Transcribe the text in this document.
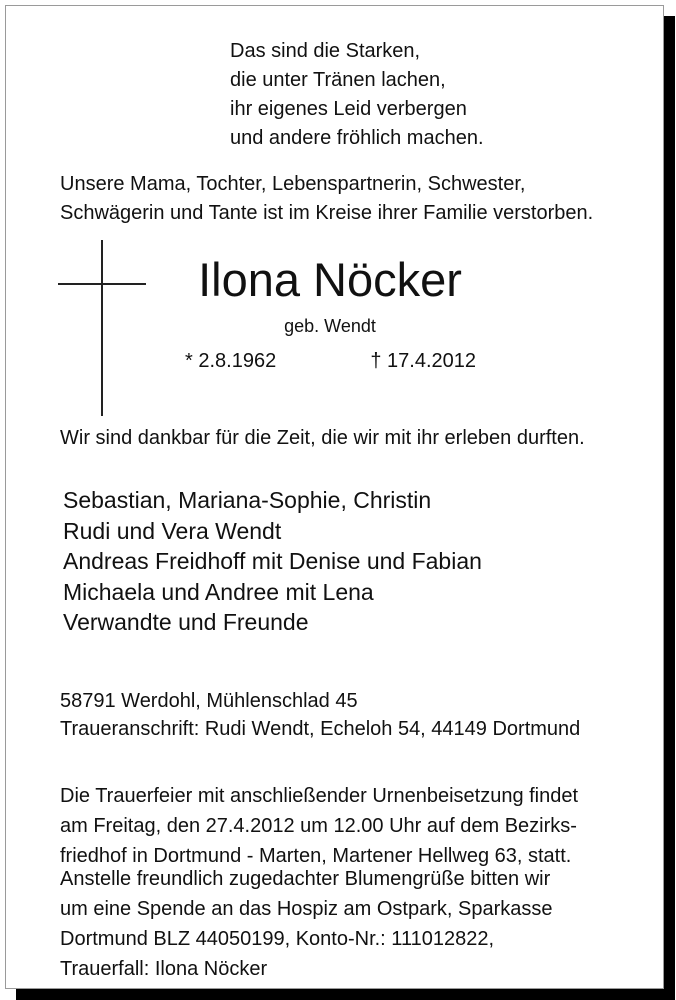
Das sind die Starken,
die unter Tränen lachen,
ihr eigenes Leid verbergen
und andere fröhlich machen.
Unsere Mama, Tochter, Lebenspartnerin, Schwester,
Schwägerin und Tante ist im Kreise ihrer Familie verstorben.
Ilona Nöcker
geb. Wendt
* 2.8.1962	† 17.4.2012
Wir sind dankbar für die Zeit, die wir mit ihr erleben durften.
Sebastian, Mariana-Sophie, Christin
Rudi und Vera Wendt
Andreas Freidhoff mit Denise und Fabian
Michaela und Andree mit Lena
Verwandte und Freunde
58791 Werdohl, Mühlenschlad 45
Traueranschrift: Rudi Wendt, Echeloh 54, 44149 Dortmund
Die Trauerfeier mit anschließender Urnenbeisetzung findet
am Freitag, den 27.4.2012 um 12.00 Uhr auf dem Bezirks-
friedhof in Dortmund - Marten, Martener Hellweg 63, statt.
Anstelle freundlich zugedachter Blumengrüße bitten wir
um eine Spende an das Hospiz am Ostpark, Sparkasse
Dortmund BLZ 44050199, Konto-Nr.: 111012822,
Trauerfall: Ilona Nöcker
